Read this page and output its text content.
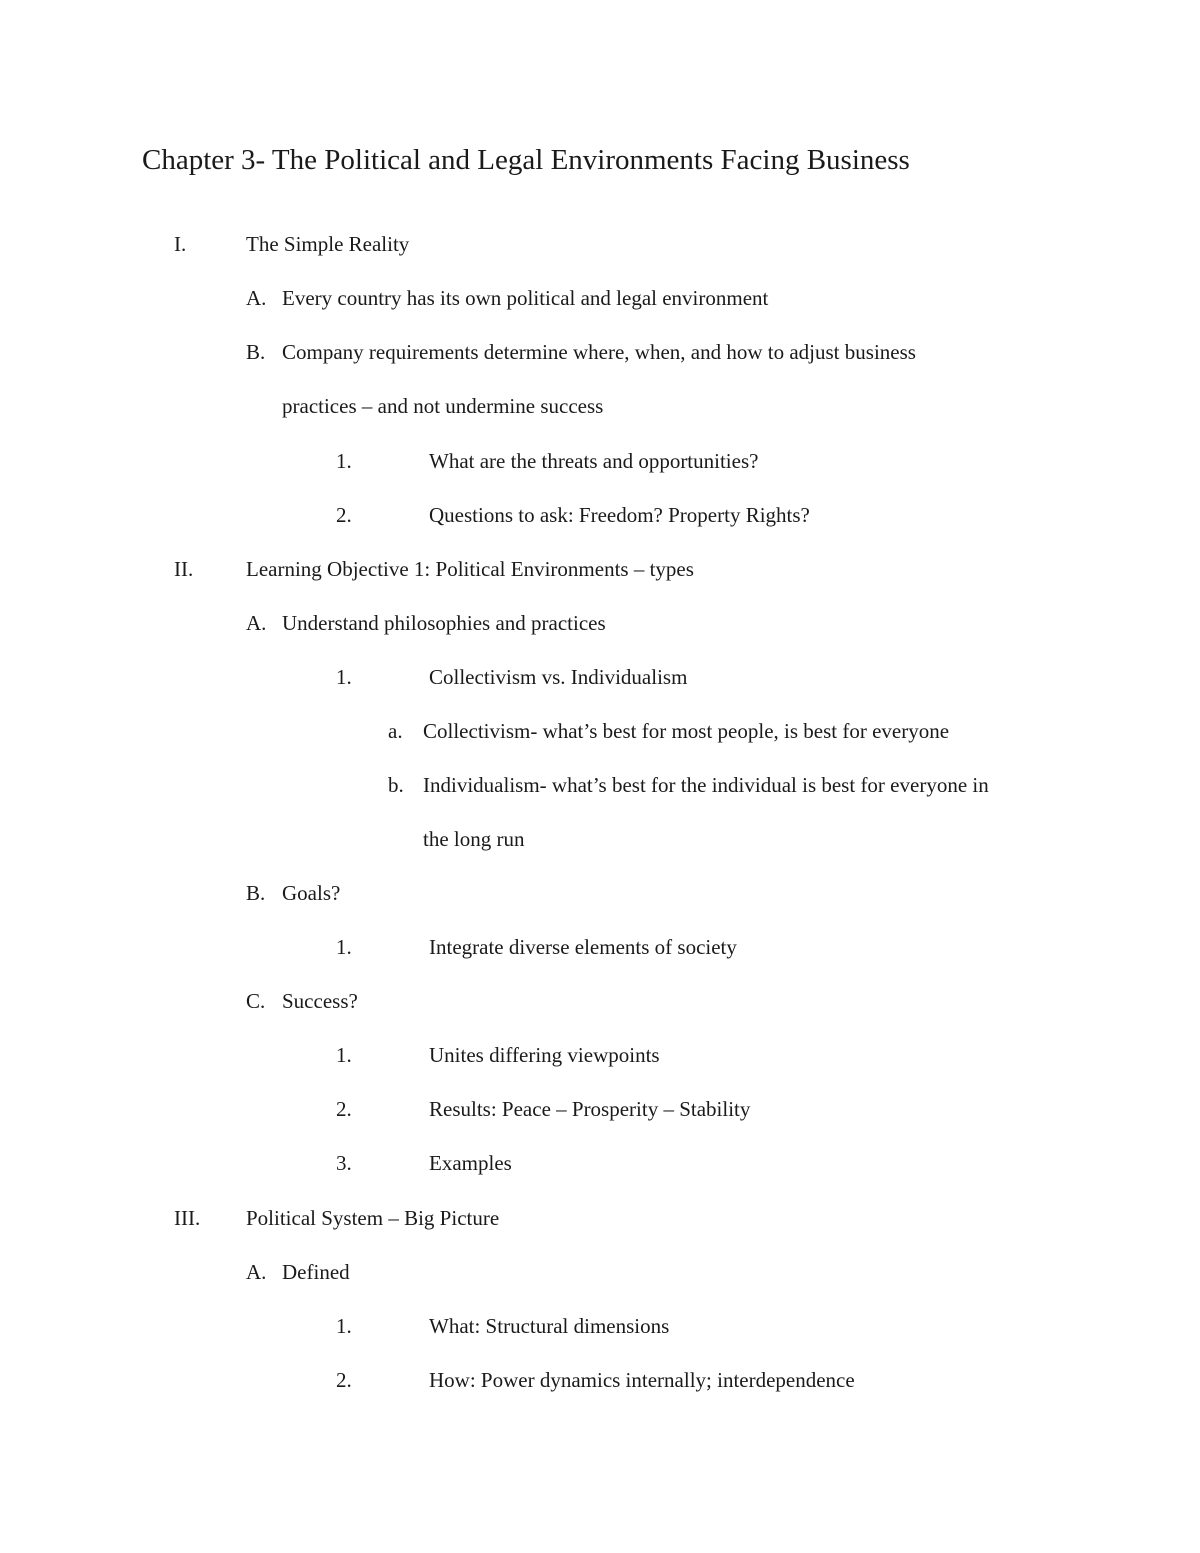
Chapter 3- The Political and Legal Environments Facing Business
I.	The Simple Reality
A. Every country has its own political and legal environment
B. Company requirements determine where, when, and how to adjust business
practices – and not undermine success
1.	What are the threats and opportunities?
2.	Questions to ask: Freedom? Property Rights?
II.	Learning Objective 1: Political Environments – types
A. Understand philosophies and practices
1.	Collectivism vs. Individualism
a. Collectivism- what’s best for most people, is best for everyone
b. Individualism- what’s best for the individual is best for everyone in
the long run
B. Goals?
1.	Integrate diverse elements of society
C. Success?
1.	Unites differing viewpoints
2.	Results: Peace – Prosperity – Stability
3.	Examples
III. Political System – Big Picture
A. Defined
1.	What: Structural dimensions
2.	How: Power dynamics internally; interdependence
